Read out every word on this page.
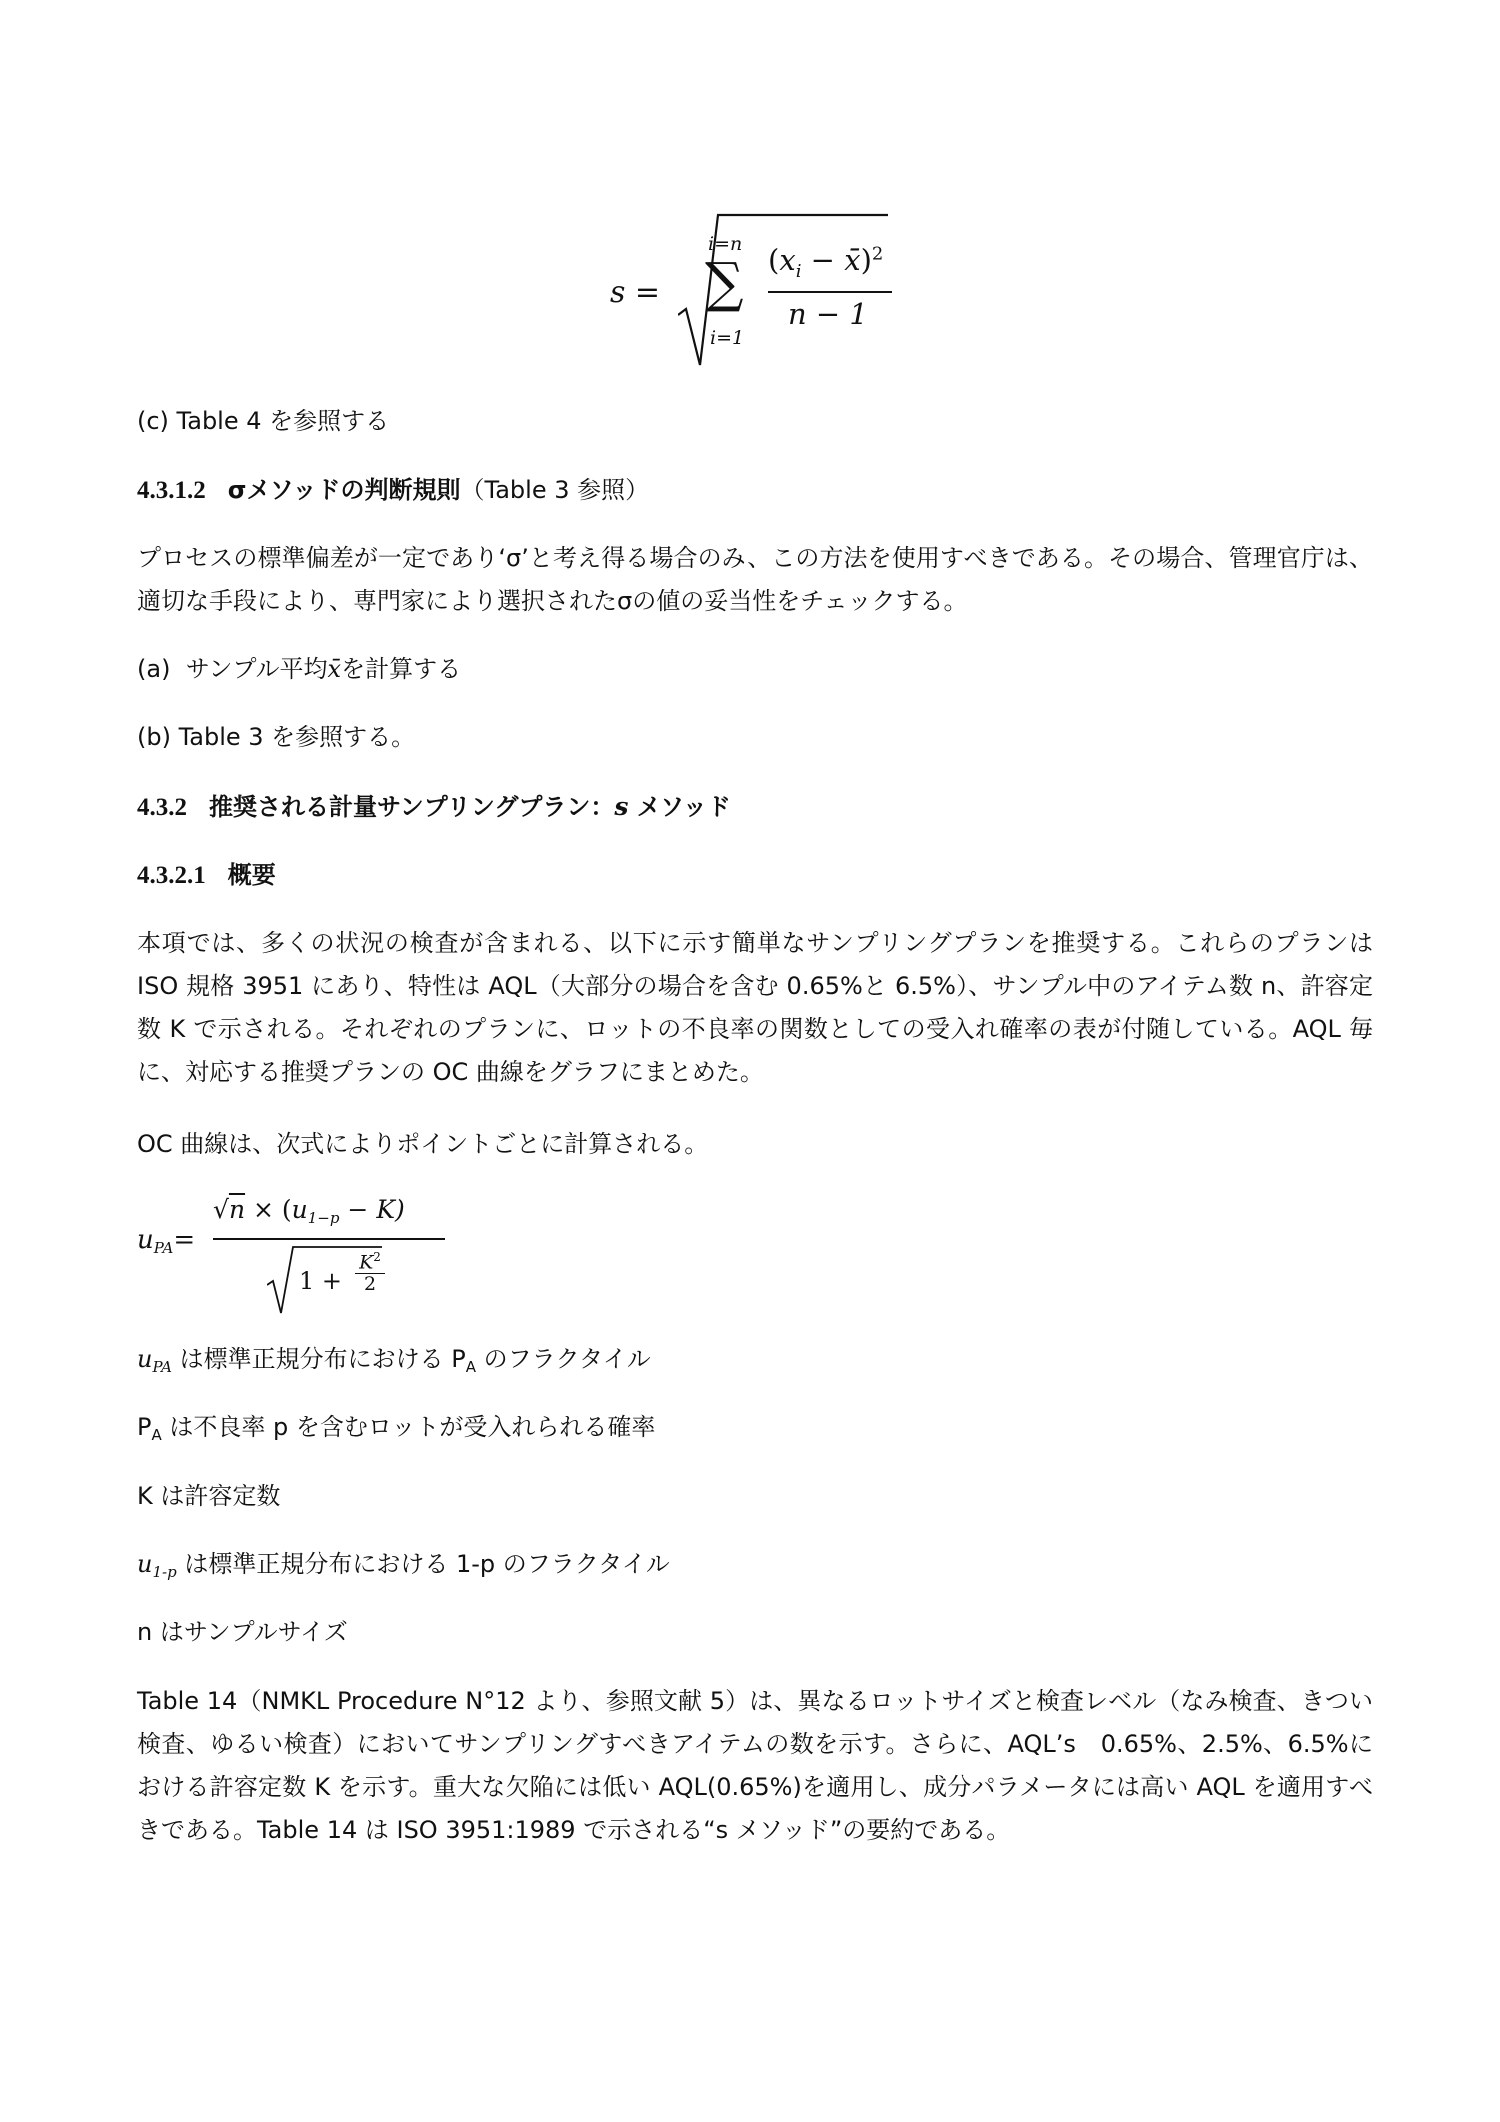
s =
i=n
∑
i=1
($x_i$ − x̄)$^2$
n − 1
(c) Table 4 を参照する
4.3.1.2 σメソッドの判断規則（Table 3 参照）
プロセスの標準偏差が一定であり‘σ’と考え得る場合のみ、この方法を使用すべきである。その場合、管理官庁は、適切な手段により、専門家により選択されたσの値の妥当性をチェックする。
(a) サンプル平均x̄を計算する
(b) Table 3 を参照する。
4.3.2 推奨される計量サンプリングプラン：s メソッド
4.3.2.1 概要
本項では、多くの状況の検査が含まれる、以下に示す簡単なサンプリングプランを推奨する。これらのプランは ISO 規格 3951 にあり、特性は AQL（大部分の場合を含む 0.65%と 6.5%）、サンプル中のアイテム数 n、許容定数 K で示される。それぞれのプランに、ロットの不良率の関数としての受入れ確率の表が付随している。AQL 毎に、対応する推奨プランの OC 曲線をグラフにまとめた。
OC 曲線は、次式によりポイントごとに計算される。
$u_{PA}=$
$√n \times (u_{1-p} - K)$
1 +
$K^2$
2
$u_{PA}$ は標準正規分布における $P_A$ のフラクタイル
$P_A$ は不良率 p を含むロットが受入れられる確率
K は許容定数
$u_{1-p}$ は標準正規分布における 1-p のフラクタイル
n はサンプルサイズ
Table 14（NMKL Procedure N°12 より、参照文献 5）は、異なるロットサイズと検査レベル（なみ検査、きつい検査、ゆるい検査）においてサンプリングすべきアイテムの数を示す。さらに、AQL’s　0.65%、2.5%、6.5%における許容定数 K を示す。重大な欠陥には低い AQL(0.65%)を適用し、成分パラメータには高い AQL を適用すべきである。Table 14 は ISO 3951:1989 で示される“s メソッド”の要約である。
